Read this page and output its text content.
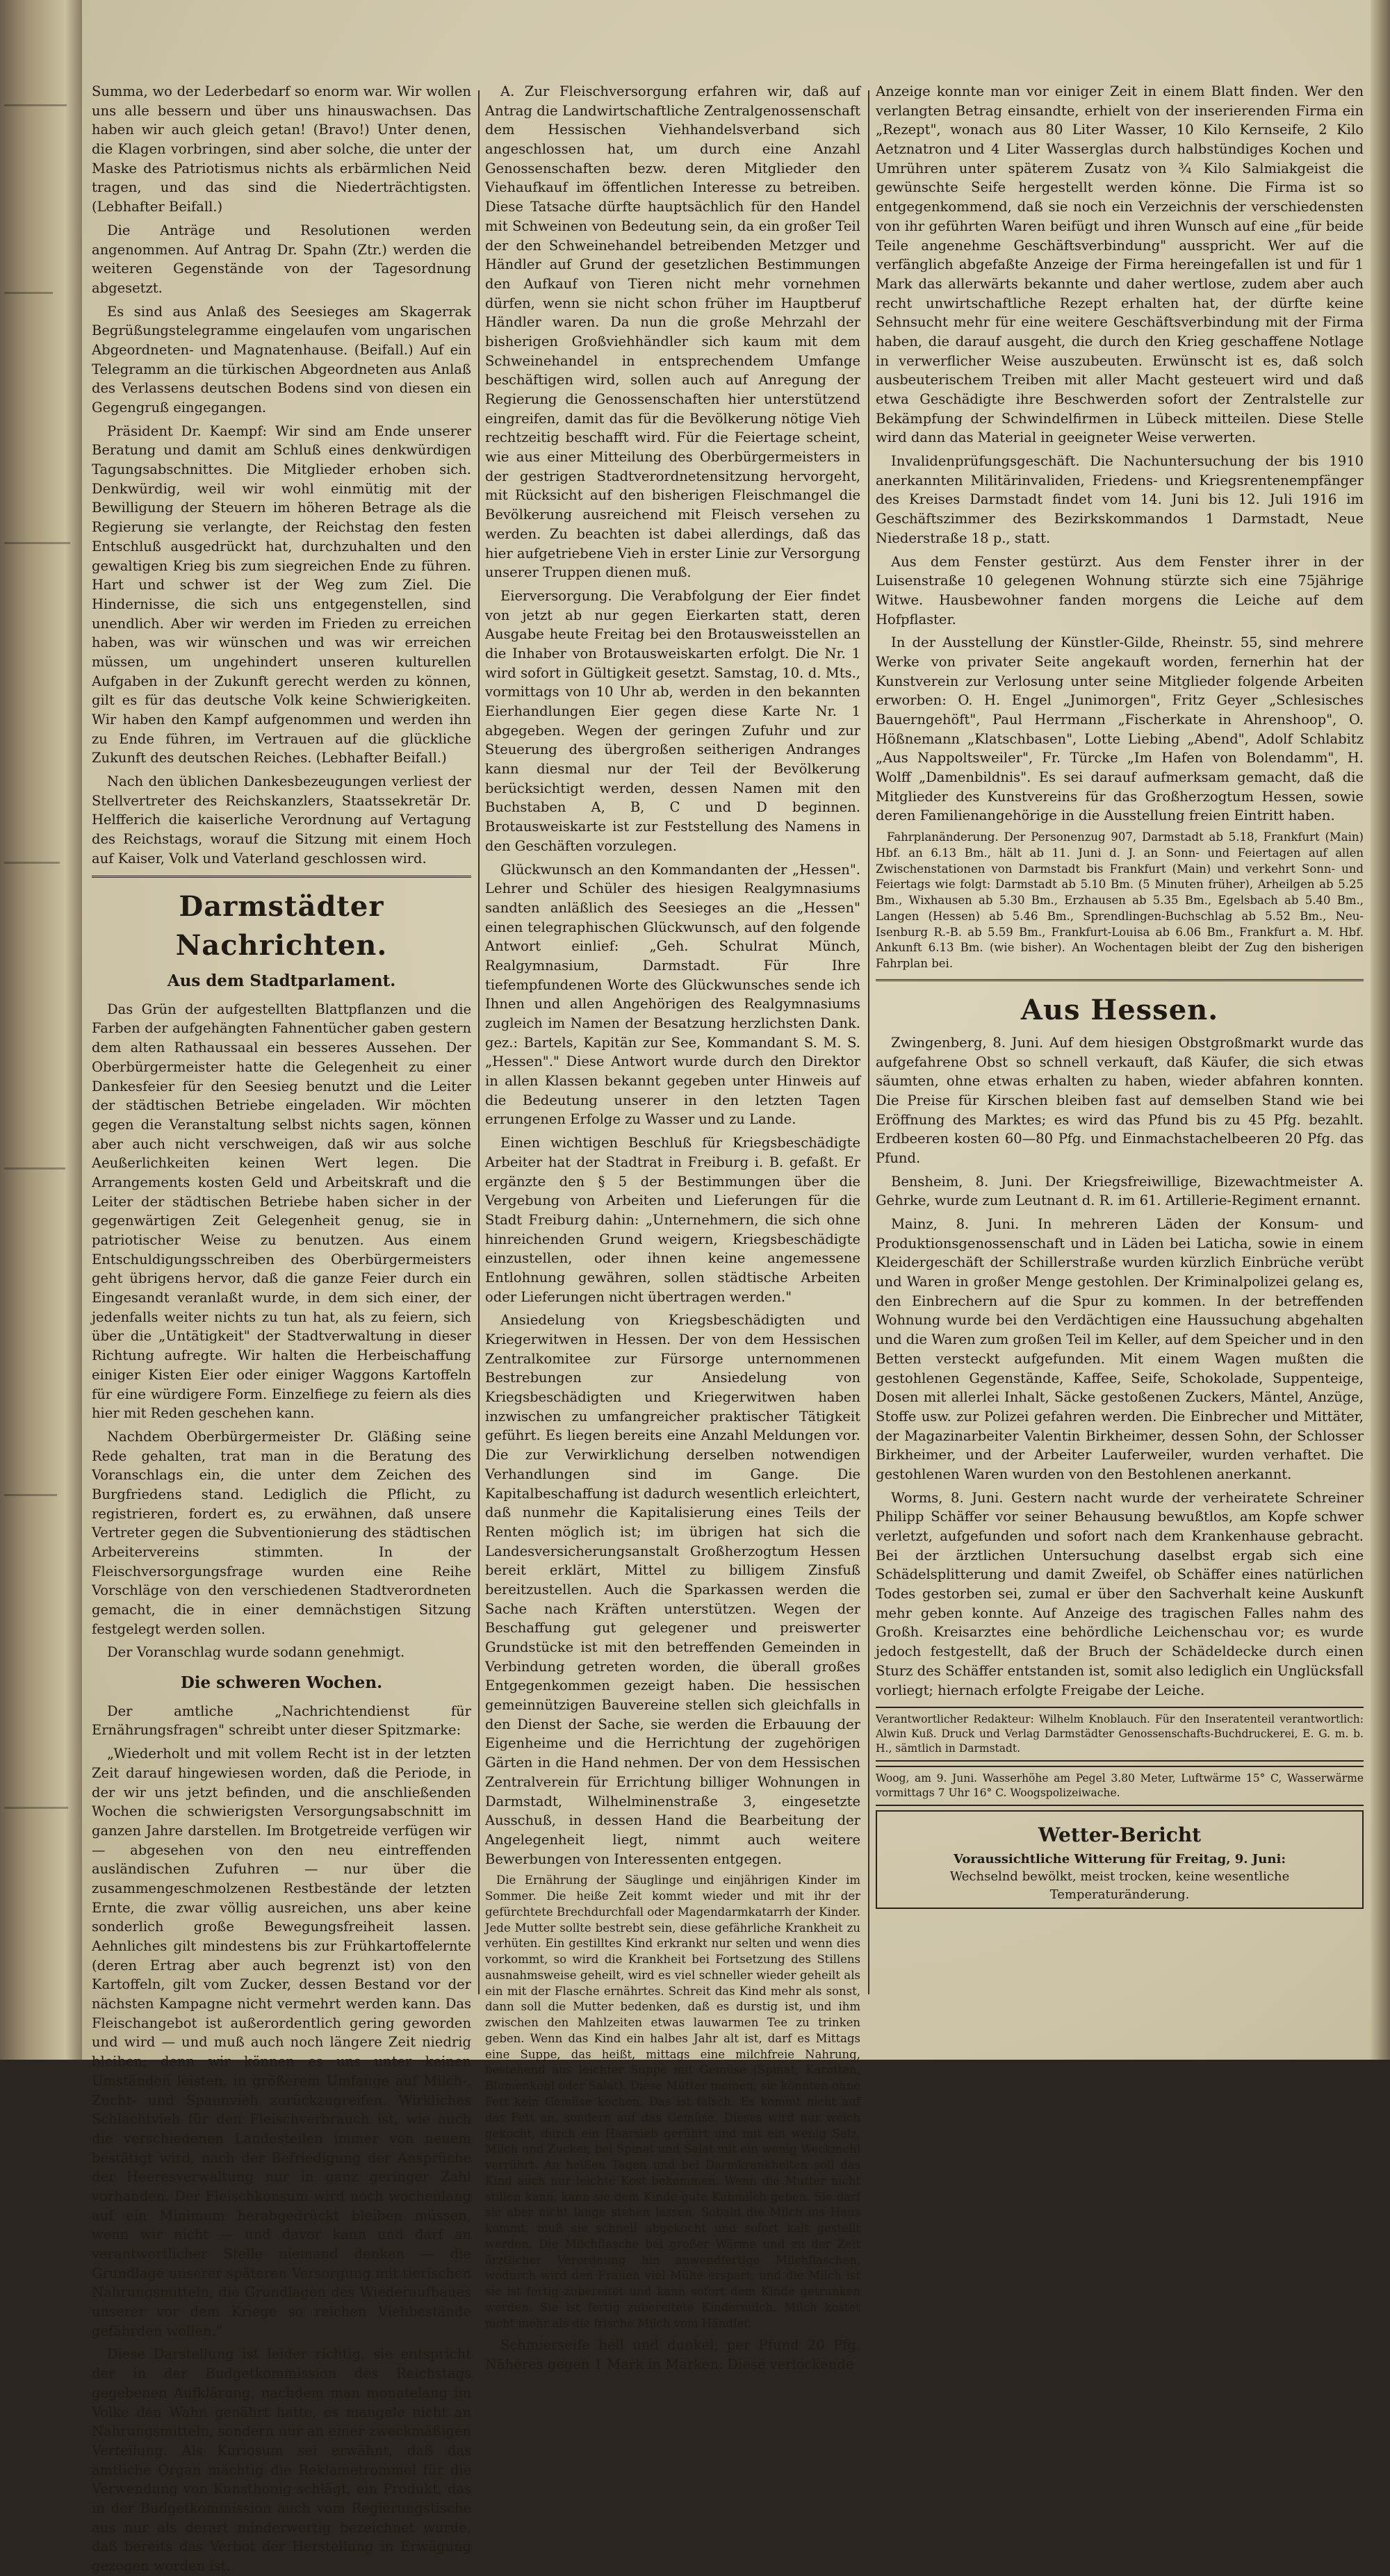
Summa, wo der Lederbedarf so enorm war. Wir wollen uns alle bessern und über uns hinauswachsen. Das haben wir auch gleich getan! (Bravo!) Unter denen, die Klagen vorbringen, sind aber solche, die unter der Maske des Patriotismus nichts als erbärmlichen Neid tragen, und das sind die Niederträchtigsten. (Lebhafter Beifall.)

Die Anträge und Resolutionen werden angenommen. Auf Antrag Dr. Spahn (Ztr.) werden die weiteren Gegenstände von der Tagesordnung abgesetzt.

Es sind aus Anlaß des Seesieges am Skagerrak Begrüßungstelegramme eingelaufen vom ungarischen Abgeordneten- und Magnatenhause. (Beifall.) Auf ein Telegramm an die türkischen Abgeordneten aus Anlaß des Verlassens deutschen Bodens sind von diesen ein Gegengruß eingegangen.

Präsident Dr. Kaempf: Wir sind am Ende unserer Beratung und damit am Schluß eines denkwürdigen Tagungsabschnittes. Die Mitglieder erhoben sich. Denkwürdig, weil wir wohl einmütig mit der Bewilligung der Steuern im höheren Betrage als die Regierung sie verlangte, der Reichstag den festen Entschluß ausgedrückt hat, durchzuhalten und den gewaltigen Krieg bis zum siegreichen Ende zu führen. Hart und schwer ist der Weg zum Ziel. Die Hindernisse, die sich uns entgegenstellen, sind unendlich. Aber wir werden im Frieden zu erreichen haben, was wir wünschen und was wir erreichen müssen, um ungehindert unseren kulturellen Aufgaben in der Zukunft gerecht werden zu können, gilt es für das deutsche Volk keine Schwierigkeiten. Wir haben den Kampf aufgenommen und werden ihn zu Ende führen, im Vertrauen auf die glückliche Zukunft des deutschen Reiches. (Lebhafter Beifall.)

Nach den üblichen Dankesbezeugungen verliest der Stellvertreter des Reichskanzlers, Staatssekretär Dr. Helfferich die kaiserliche Verordnung auf Vertagung des Reichstags, worauf die Sitzung mit einem Hoch auf Kaiser, Volk und Vaterland geschlossen wird.

Darmstädter Nachrichten.
Aus dem Stadtparlament.

Das Grün der aufgestellten Blattpflanzen und die Farben der aufgehängten Fahnentücher gaben gestern dem alten Rathaussaal ein besseres Aussehen. Der Oberbürgermeister hatte die Gelegenheit zu einer Dankesfeier für den Seesieg benutzt und die Leiter der städtischen Betriebe eingeladen. Wir möchten gegen die Veranstaltung selbst nichts sagen, können aber auch nicht verschweigen, daß wir aus solche Aeußerlichkeiten keinen Wert legen. Die Arrangements kosten Geld und Arbeitskraft und die Leiter der städtischen Betriebe haben sicher in der gegenwärtigen Zeit Gelegenheit genug, sie in patriotischer Weise zu benutzen. Aus einem Entschuldigungsschreiben des Oberbürgermeisters geht übrigens hervor, daß die ganze Feier durch ein Eingesandt veranlaßt wurde, in dem sich einer, der jedenfalls weiter nichts zu tun hat, als zu feiern, sich über die „Untätigkeit" der Stadtverwaltung in dieser Richtung aufregte. Wir halten die Herbeischaffung einiger Kisten Eier oder einiger Waggons Kartoffeln für eine würdigere Form. Einzelfiege zu feiern als dies hier mit Reden geschehen kann.

Nachdem Oberbürgermeister Dr. Gläßing seine Rede gehalten, trat man in die Beratung des Voranschlags ein, die unter dem Zeichen des Burgfriedens stand. Lediglich die Pflicht, zu registrieren, fordert es, zu erwähnen, daß unsere Vertreter gegen die Subventionierung des städtischen Arbeitervereins stimmten. In der Fleischversorgungsfrage wurden eine Reihe Vorschläge von den verschiedenen Stadtverordneten gemacht, die in einer demnächstigen Sitzung festgelegt werden sollen.

Der Voranschlag wurde sodann genehmigt.

Die schweren Wochen.

Der amtliche „Nachrichtendienst für Ernährungsfragen" schreibt unter dieser Spitzmarke:

„Wiederholt und mit vollem Recht ist in der letzten Zeit darauf hingewiesen worden, daß die Periode, in der wir uns jetzt befinden, und die anschließenden Wochen die schwierigsten Versorgungsabschnitt im ganzen Jahre darstellen. Im Brotgetreide verfügen wir — abgesehen von den neu eintreffenden ausländischen Zufuhren — nur über die zusammengeschmolzenen Restbestände der letzten Ernte, die zwar völlig ausreichen, uns aber keine sonderlich große Bewegungsfreiheit lassen. Aehnliches gilt mindestens bis zur Frühkartoffelernte (deren Ertrag aber auch begrenzt ist) von den Kartoffeln, gilt vom Zucker, dessen Bestand vor der nächsten Kampagne nicht vermehrt werden kann. Das Fleischangebot ist außerordentlich gering geworden und wird — und muß auch noch längere Zeit niedrig bleiben; denn wir können es uns unter keinen Umständen leisten, in größerem Umfange auf Milch-, Zucht- und Spannvieh zurückzugreifen. Wirkliches Schlachtvieh für den Fleischverbrauch ist, wie auch die verschiedenen Landesteilen immer von neuem bestätigt wird, nach der Befriedigung der Ansprüche der Heeresverwaltung nur in ganz geringer Zahl vorhanden. Der Fleischkonsum wird noch wochenlang auf ein Minimum herabgedrückt bleiben müssen, wenn wir nicht — und davor kann und darf an verantwortlicher Stelle niemand denken — die Grundlage unserer späteren Versorgung mit tierischen Nahrungsmitteln, die Grundlagen des Wiederaufbaues unserer vor dem Kriege so reichen Viehbestände gefährden wollen."

Diese Darstellung ist leider richtig, sie entspricht der in der Budgetkommission des Reichstags gegebenen Aufklärung, nachdem man monatelang im Volke den Wahn genährt hatte, es mangele nicht an Nahrungsmitteln, sondern nur an einer zweckmäßigen Verteilung. Als Kuriosum sei erwähnt, daß das amtliche Organ mächtig die Reklametrommel für die Verwendung von Kunsthonig schlägt, ein Produkt, das in der Budgetkommission auch vom Regierungstische aus nur als derart minderwertig bezeichnet wurde, daß bereits das Verbot der Herstellung in Erwägung gezogen worden ist.

A. Zur Fleischversorgung erfahren wir, daß auf Antrag die Landwirtschaftliche Zentralgenossenschaft dem Hessischen Viehhandelsverband sich angeschlossen hat, um durch eine Anzahl Genossenschaften bezw. deren Mitglieder den Viehaufkauf im öffentlichen Interesse zu betreiben. Diese Tatsache dürfte hauptsächlich für den Handel mit Schweinen von Bedeutung sein, da ein großer Teil der den Schweinehandel betreibenden Metzger und Händler auf Grund der gesetzlichen Bestimmungen den Aufkauf von Tieren nicht mehr vornehmen dürfen, wenn sie nicht schon früher im Hauptberuf Händler waren. Da nun die große Mehrzahl der bisherigen Großviehhändler sich kaum mit dem Schweinehandel in entsprechendem Umfange beschäftigen wird, sollen auch auf Anregung der Regierung die Genossenschaften hier unterstützend eingreifen, damit das für die Bevölkerung nötige Vieh rechtzeitig beschafft wird. Für die Feiertage scheint, wie aus einer Mitteilung des Oberbürgermeisters in der gestrigen Stadtverordnetensitzung hervorgeht, mit Rücksicht auf den bisherigen Fleischmangel die Bevölkerung ausreichend mit Fleisch versehen zu werden. Zu beachten ist dabei allerdings, daß das hier aufgetriebene Vieh in erster Linie zur Versorgung unserer Truppen dienen muß.

Eierversorgung. Die Verabfolgung der Eier findet von jetzt ab nur gegen Eierkarten statt, deren Ausgabe heute Freitag bei den Brotausweisstellen an die Inhaber von Brotausweiskarten erfolgt. Die Nr. 1 wird sofort in Gültigkeit gesetzt. Samstag, 10. d. Mts., vormittags von 10 Uhr ab, werden in den bekannten Eierhandlungen Eier gegen diese Karte Nr. 1 abgegeben. Wegen der geringen Zufuhr und zur Steuerung des übergroßen seitherigen Andranges kann diesmal nur der Teil der Bevölkerung berücksichtigt werden, dessen Namen mit den Buchstaben A, B, C und D beginnen. Brotausweiskarte ist zur Feststellung des Namens in den Geschäften vorzulegen.

Glückwunsch an den Kommandanten der „Hessen". Lehrer und Schüler des hiesigen Realgymnasiums sandten anläßlich des Seesieges an die „Hessen" einen telegraphischen Glückwunsch, auf den folgende Antwort einlief: „Geh. Schulrat Münch, Realgymnasium, Darmstadt. Für Ihre tiefempfundenen Worte des Glückwunsches sende ich Ihnen und allen Angehörigen des Realgymnasiums zugleich im Namen der Besatzung herzlichsten Dank. gez.: Bartels, Kapitän zur See, Kommandant S. M. S. „Hessen"." Diese Antwort wurde durch den Direktor in allen Klassen bekannt gegeben unter Hinweis auf die Bedeutung unserer in den letzten Tagen errungenen Erfolge zu Wasser und zu Lande.

Einen wichtigen Beschluß für Kriegsbeschädigte Arbeiter hat der Stadtrat in Freiburg i. B. gefaßt. Er ergänzte den § 5 der Bestimmungen über die Vergebung von Arbeiten und Lieferungen für die Stadt Freiburg dahin: „Unternehmern, die sich ohne hinreichenden Grund weigern, Kriegsbeschädigte einzustellen, oder ihnen keine angemessene Entlohnung gewähren, sollen städtische Arbeiten oder Lieferungen nicht übertragen werden."

Ansiedelung von Kriegsbeschädigten und Kriegerwitwen in Hessen. Der von dem Hessischen Zentralkomitee zur Fürsorge unternommenen Bestrebungen zur Ansiedelung von Kriegsbeschädigten und Kriegerwitwen haben inzwischen zu umfangreicher praktischer Tätigkeit geführt. Es liegen bereits eine Anzahl Meldungen vor. Die zur Verwirklichung derselben notwendigen Verhandlungen sind im Gange. Die Kapitalbeschaffung ist dadurch wesentlich erleichtert, daß nunmehr die Kapitalisierung eines Teils der Renten möglich ist; im übrigen hat sich die Landesversicherungsanstalt Großherzogtum Hessen bereit erklärt, Mittel zu billigem Zinsfuß bereitzustellen. Auch die Sparkassen werden die Sache nach Kräften unterstützen. Wegen der Beschaffung gut gelegener und preiswerter Grundstücke ist mit den betreffenden Gemeinden in Verbindung getreten worden, die überall großes Entgegenkommen gezeigt haben. Die hessischen gemeinnützigen Bauvereine stellen sich gleichfalls in den Dienst der Sache, sie werden die Erbauung der Eigenheime und die Herrichtung der zugehörigen Gärten in die Hand nehmen. Der von dem Hessischen Zentralverein für Errichtung billiger Wohnungen in Darmstadt, Wilhelminenstraße 3, eingesetzte Ausschuß, in dessen Hand die Bearbeitung der Angelegenheit liegt, nimmt auch weitere Bewerbungen von Interessenten entgegen.

Die Ernährung der Säuglinge und einjährigen Kinder im Sommer. Die heiße Zeit kommt wieder und mit ihr der gefürchtete Brechdurchfall oder Magendarmkatarrh der Kinder. Jede Mutter sollte bestrebt sein, diese gefährliche Krankheit zu verhüten. Ein gestilltes Kind erkrankt nur selten und wenn dies vorkommt, so wird die Krankheit bei Fortsetzung des Stillens ausnahmsweise geheilt, wird es viel schneller wieder geheilt als ein mit der Flasche ernährtes. Schreit das Kind mehr als sonst, dann soll die Mutter bedenken, daß es durstig ist, und ihm zwischen den Mahlzeiten etwas lauwarmen Tee zu trinken geben. Wenn das Kind ein halbes Jahr alt ist, darf es Mittags eine Suppe, das heißt, mittags eine milchfreie Nahrung, bestehend aus leichter Suppe mit Gemüse (Spinat, Karotten, Blumenkohl oder Salat). Diese Mütter meinen, sie könnten ohne Fett kein Gemüse kochen. Das ist falsch. Es kommt nicht auf das Fett an, sondern auf das Gemüse. Dieses wird nur weich gekocht, durch ein Haarsieb gerührt und mit ein wenig Salz, Milch und Zucker, bei Spinat und Salat mit ein wenig Weckmehl verrührt. An heißen Tagen und bei Darmkrankheiten soll das Kind auch nur leichte Kost bekommen. Wenn die Mutter nicht stillen kann, kann sie dem Kinde gute Kuhmilch geben. Sie darf sie aber nicht lange stehen lassen. Sobald die Milch ins Haus kommt, muß sie schnell abgekocht und sofort kalt gestellt werden. Die Milchflasche bei großer Wärme und zu der Zeit ärztlicher Verordnung hin anwendfertige Milchflaschen, wodurch wird den Frauen viel Mühe erspart, und die Milch ist sie ist fertig zubereitet und kann sofort dem Kinde getrunken werden. Sie ist fertig zubereitete Kindermilch. Milch kostet nicht mehr als die frische Milch vom Händler.

Schmierseife hell und dunkel, per Pfund 20 Pfg. Näheres gegen 1 Mark in Marken. Diese verlockende

Anzeige konnte man vor einiger Zeit in einem Blatt finden. Wer den verlangten Betrag einsandte, erhielt von der inserierenden Firma ein „Rezept", wonach aus 80 Liter Wasser, 10 Kilo Kernseife, 2 Kilo Aetznatron und 4 Liter Wasserglas durch halbstündiges Kochen und Umrühren unter späterem Zusatz von ¾ Kilo Salmiakgeist die gewünschte Seife hergestellt werden könne. Die Firma ist so entgegenkommend, daß sie noch ein Verzeichnis der verschiedensten von ihr geführten Waren beifügt und ihren Wunsch auf eine „für beide Teile angenehme Geschäftsverbindung" ausspricht. Wer auf die verfänglich abgefaßte Anzeige der Firma hereingefallen ist und für 1 Mark das allerwärts bekannte und daher wertlose, zudem aber auch recht unwirtschaftliche Rezept erhalten hat, der dürfte keine Sehnsucht mehr für eine weitere Geschäftsverbindung mit der Firma haben, die darauf ausgeht, die durch den Krieg geschaffene Notlage in verwerflicher Weise auszubeuten. Erwünscht ist es, daß solch ausbeuterischem Treiben mit aller Macht gesteuert wird und daß etwa Geschädigte ihre Beschwerden sofort der Zentralstelle zur Bekämpfung der Schwindelfirmen in Lübeck mitteilen. Diese Stelle wird dann das Material in geeigneter Weise verwerten.

Invalidenprüfungsgeschäft. Die Nachuntersuchung der bis 1910 anerkannten Militärinvaliden, Friedens- und Kriegsrentenempfänger des Kreises Darmstadt findet vom 14. Juni bis 12. Juli 1916 im Geschäftszimmer des Bezirkskommandos 1 Darmstadt, Neue Niederstraße 18 p., statt.

Aus dem Fenster gestürzt. Aus dem Fenster ihrer in der Luisenstraße 10 gelegenen Wohnung stürzte sich eine 75jährige Witwe. Hausbewohner fanden morgens die Leiche auf dem Hofpflaster.

In der Ausstellung der Künstler-Gilde, Rheinstr. 55, sind mehrere Werke von privater Seite angekauft worden, fernerhin hat der Kunstverein zur Verlosung unter seine Mitglieder folgende Arbeiten erworben: O. H. Engel „Junimorgen", Fritz Geyer „Schlesisches Bauerngehöft", Paul Herrmann „Fischerkate in Ahrenshoop", O. Hößnemann „Klatschbasen", Lotte Liebing „Abend", Adolf Schlabitz „Aus Nappoltsweiler", Fr. Türcke „Im Hafen von Bolendamm", H. Wolff „Damenbildnis". Es sei darauf aufmerksam gemacht, daß die Mitglieder des Kunstvereins für das Großherzogtum Hessen, sowie deren Familienangehörige in die Ausstellung freien Eintritt haben.

Fahrplanänderung. Der Personenzug 907, Darmstadt ab 5.18, Frankfurt (Main) Hbf. an 6.13 Bm., hält ab 11. Juni d. J. an Sonn- und Feiertagen auf allen Zwischenstationen von Darmstadt bis Frankfurt (Main) und verkehrt Sonn- und Feiertags wie folgt: Darmstadt ab 5.10 Bm. (5 Minuten früher), Arheilgen ab 5.25 Bm., Wixhausen ab 5.30 Bm., Erzhausen ab 5.35 Bm., Egelsbach ab 5.40 Bm., Langen (Hessen) ab 5.46 Bm., Sprendlingen-Buchschlag ab 5.52 Bm., Neu-Isenburg R.-B. ab 5.59 Bm., Frankfurt-Louisa ab 6.06 Bm., Frankfurt a. M. Hbf. Ankunft 6.13 Bm. (wie bisher). An Wochentagen bleibt der Zug den bisherigen Fahrplan bei.

Aus Hessen.

Zwingenberg, 8. Juni. Auf dem hiesigen Obstgroßmarkt wurde das aufgefahrene Obst so schnell verkauft, daß Käufer, die sich etwas säumten, ohne etwas erhalten zu haben, wieder abfahren konnten. Die Preise für Kirschen bleiben fast auf demselben Stand wie bei Eröffnung des Marktes; es wird das Pfund bis zu 45 Pfg. bezahlt. Erdbeeren kosten 60—80 Pfg. und Einmachstachelbeeren 20 Pfg. das Pfund.

Bensheim, 8. Juni. Der Kriegsfreiwillige, Bizewachtmeister A. Gehrke, wurde zum Leutnant d. R. im 61. Artillerie-Regiment ernannt.

Mainz, 8. Juni. In mehreren Läden der Konsum- und Produktionsgenossenschaft und in Läden bei Laticha, sowie in einem Kleidergeschäft der Schillerstraße wurden kürzlich Einbrüche verübt und Waren in großer Menge gestohlen. Der Kriminalpolizei gelang es, den Einbrechern auf die Spur zu kommen. In der betreffenden Wohnung wurde bei den Verdächtigen eine Haussuchung abgehalten und die Waren zum großen Teil im Keller, auf dem Speicher und in den Betten versteckt aufgefunden. Mit einem Wagen mußten die gestohlenen Gegenstände, Kaffee, Seife, Schokolade, Suppenteige, Dosen mit allerlei Inhalt, Säcke gestoßenen Zuckers, Mäntel, Anzüge, Stoffe usw. zur Polizei gefahren werden. Die Einbrecher und Mittäter, der Magazinarbeiter Valentin Birkheimer, dessen Sohn, der Schlosser Birkheimer, und der Arbeiter Lauferweiler, wurden verhaftet. Die gestohlenen Waren wurden von den Bestohlenen anerkannt.

Worms, 8. Juni. Gestern nacht wurde der verheiratete Schreiner Philipp Schäffer vor seiner Behausung bewußtlos, am Kopfe schwer verletzt, aufgefunden und sofort nach dem Krankenhause gebracht. Bei der ärztlichen Untersuchung daselbst ergab sich eine Schädelsplitterung und damit Zweifel, ob Schäffer eines natürlichen Todes gestorben sei, zumal er über den Sachverhalt keine Auskunft mehr geben konnte. Auf Anzeige des tragischen Falles nahm des Großh. Kreisarztes eine behördliche Leichenschau vor; es wurde jedoch festgestellt, daß der Bruch der Schädeldecke durch einen Sturz des Schäffer entstanden ist, somit also lediglich ein Unglücksfall vorliegt; hiernach erfolgte Freigabe der Leiche.

Verantwortlicher Redakteur: Wilhelm Knoblauch. Für den Inseratenteil verantwortlich: Alwin Kuß. Druck und Verlag Darmstädter Genossenschafts-Buchdruckerei, E. G. m. b. H., sämtlich in Darmstadt.
Woog, am 9. Juni. Wasserhöhe am Pegel 3.80 Meter, Luftwärme 15° C, Wasserwärme vormittags 7 Uhr 16° C. Woogspolizeiwache.
Wetter-Bericht
Voraussichtliche Witterung für Freitag, 9. Juni:
Wechselnd bewölkt, meist trocken, keine wesentliche Temperaturänderung.
